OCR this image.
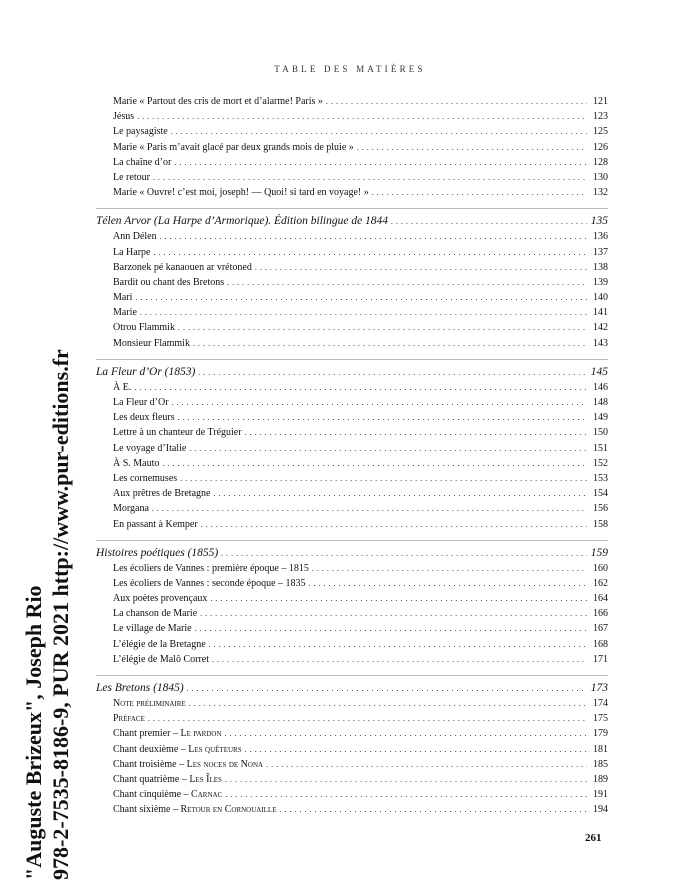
TABLE DES MATIÈRES
Marie « Partout des cris de mort et d’alarme! Paris » . . .	121
Jésus . . .	123
Le paysagiste . . .	125
Marie « Paris m’avait glacé par deux grands mois de pluie » . . .	126
La chaîne d’or . . .	128
Le retour . . .	130
Marie « Ouvre! c’est moi, joseph! — Quoi! si tard en voyage! » . . .	132
Télen Arvor (La Harpe d’Armorique). Édition bilingue de 1844 . . .	135
Ann Délen . . .	136
La Harpe . . .	137
Barzonek pé kanaouen ar vrétoned . . .	138
Bardit ou chant des Bretons . . .	139
Mari . . .	140
Marie . . .	141
Otrou Flammik . . .	142
Monsieur Flammik . . .	143
La Fleur d’Or (1853) . . .	145
À E. . . .	146
La Fleur d’Or . . .	148
Les deux fleurs . . .	149
Lettre à un chanteur de Tréguier . . .	150
Le voyage d’Italie . . .	151
À S. Mauto . . .	152
Les cornemuses . . .	153
Aux prêtres de Bretagne . . .	154
Morgana . . .	156
En passant à Kemper . . .	158
Histoires poétiques (1855) . . .	159
Les écoliers de Vannes : première époque – 1815 . . .	160
Les écoliers de Vannes : seconde époque – 1835 . . .	162
Aux poètes provençaux . . .	164
La chanson de Marie . . .	166
Le village de Marie . . .	167
L’élégie de la Bretagne . . .	168
L’élégie de Malô Corret . . .	171
Les Bretons (1845) . . .	173
Note préliminaire . . .	174
Préface . . .	175
Chant premier – Le pardon . . .	179
Chant deuxième – Les quêteurs . . .	181
Chant troisième – Les noces de Nona . . .	185
Chant quatrième – Les Îles . . .	189
Chant cinquième – Carnac . . .	191
Chant sixième – Retour en Cornouaille . . .	194
"Auguste Brizeux", Joseph Rio 978-2-7535-8186-9, PUR 2021 http://www.pur-editions.fr	261
